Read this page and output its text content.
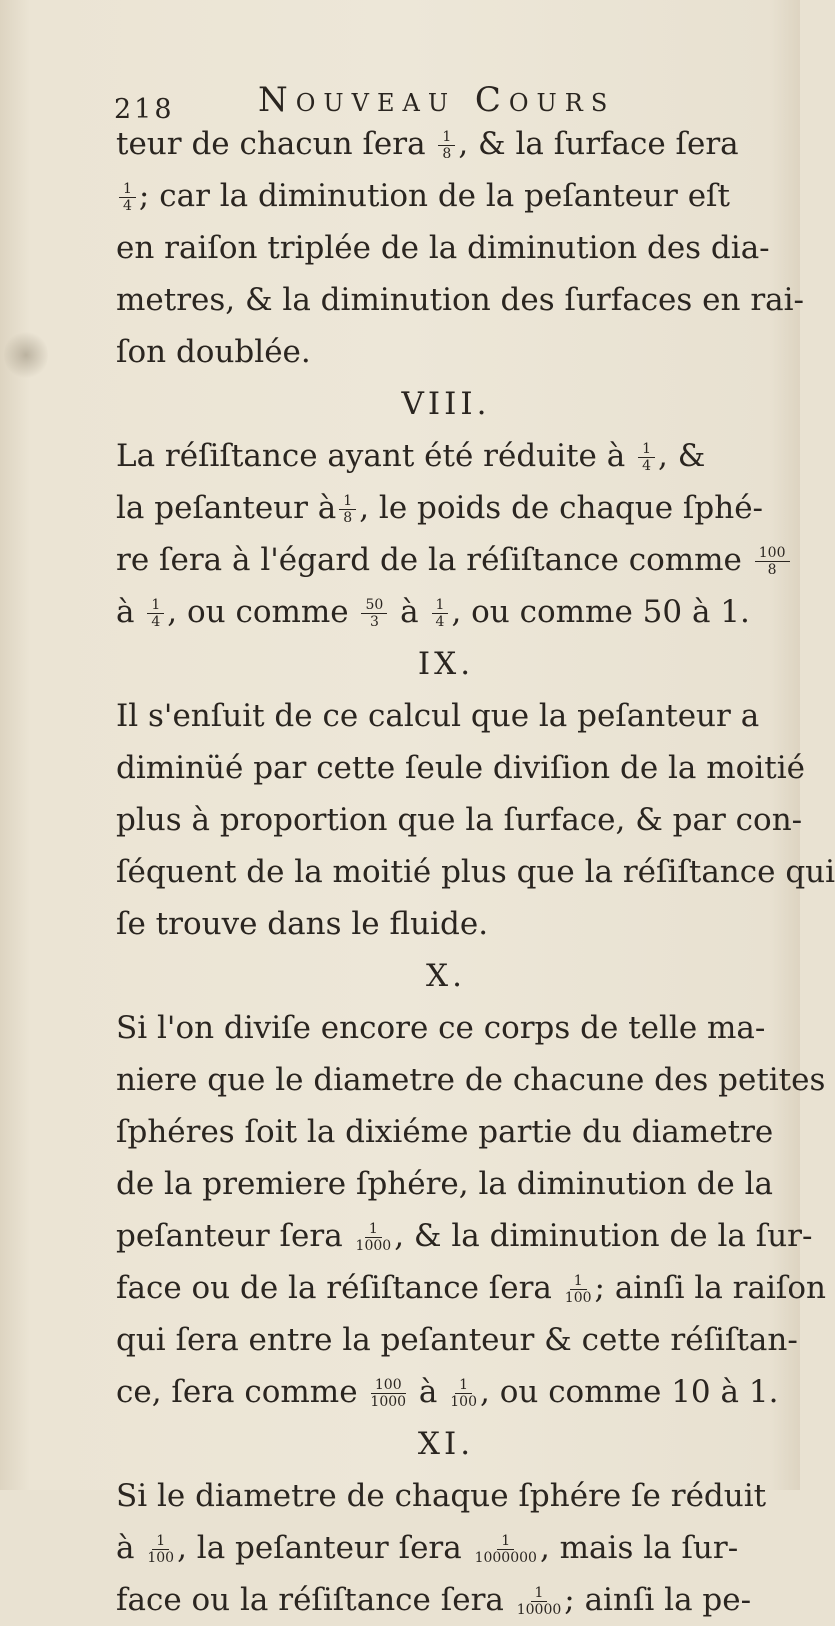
218 Nouveau Cours
teur de chacun ſera $\frac{1}{8}$ , & la ſurface ſera
$\frac{1}{4}$ ; car la diminution de la peſanteur eſt
en raiſon triplée de la diminution des dia-
metres, & la diminution des ſurfaces en rai-
ſon doublée.
VIII.
La réſiſtance ayant été réduite à $\frac{1}{4}$ , &
la peſanteur à $\frac{1}{8}$ , le poids de chaque ſphé-
re ſera à l'égard de la réſiſtance comme $\frac{100}{8}$
à $\frac{1}{4}$ , ou comme $\frac{50}{3}$ à $\frac{1}{4}$ , ou comme 50 à 1.
IX.
Il s'enſuit de ce calcul que la peſanteur a
diminüé par cette ſeule diviſion de la moitié
plus à proportion que la ſurface, & par con-
ſéquent de la moitié plus que la réſiſtance qui
ſe trouve dans le fluide.
X.
Si l'on diviſe encore ce corps de telle ma-
niere que le diametre de chacune des petites
ſphéres ſoit la dixiéme partie du diametre
de la premiere ſphére, la diminution de la
peſanteur ſera $\frac{1}{1000}$ , & la diminution de la ſur-
face ou de la réſiſtance ſera $\frac{1}{100}$ ; ainſi la raiſon
qui ſera entre la peſanteur & cette réſiſtan-
ce, ſera comme $\frac{100}{1000}$ à $\frac{1}{100}$ , ou comme 10 à 1.
XI.
Si le diametre de chaque ſphére ſe réduit
à $\frac{1}{100}$ , la peſanteur ſera $\frac{1}{1000000}$ , mais la ſur-
face ou la réſiſtance ſera $\frac{1}{10000}$ ; ainſi la pe-
